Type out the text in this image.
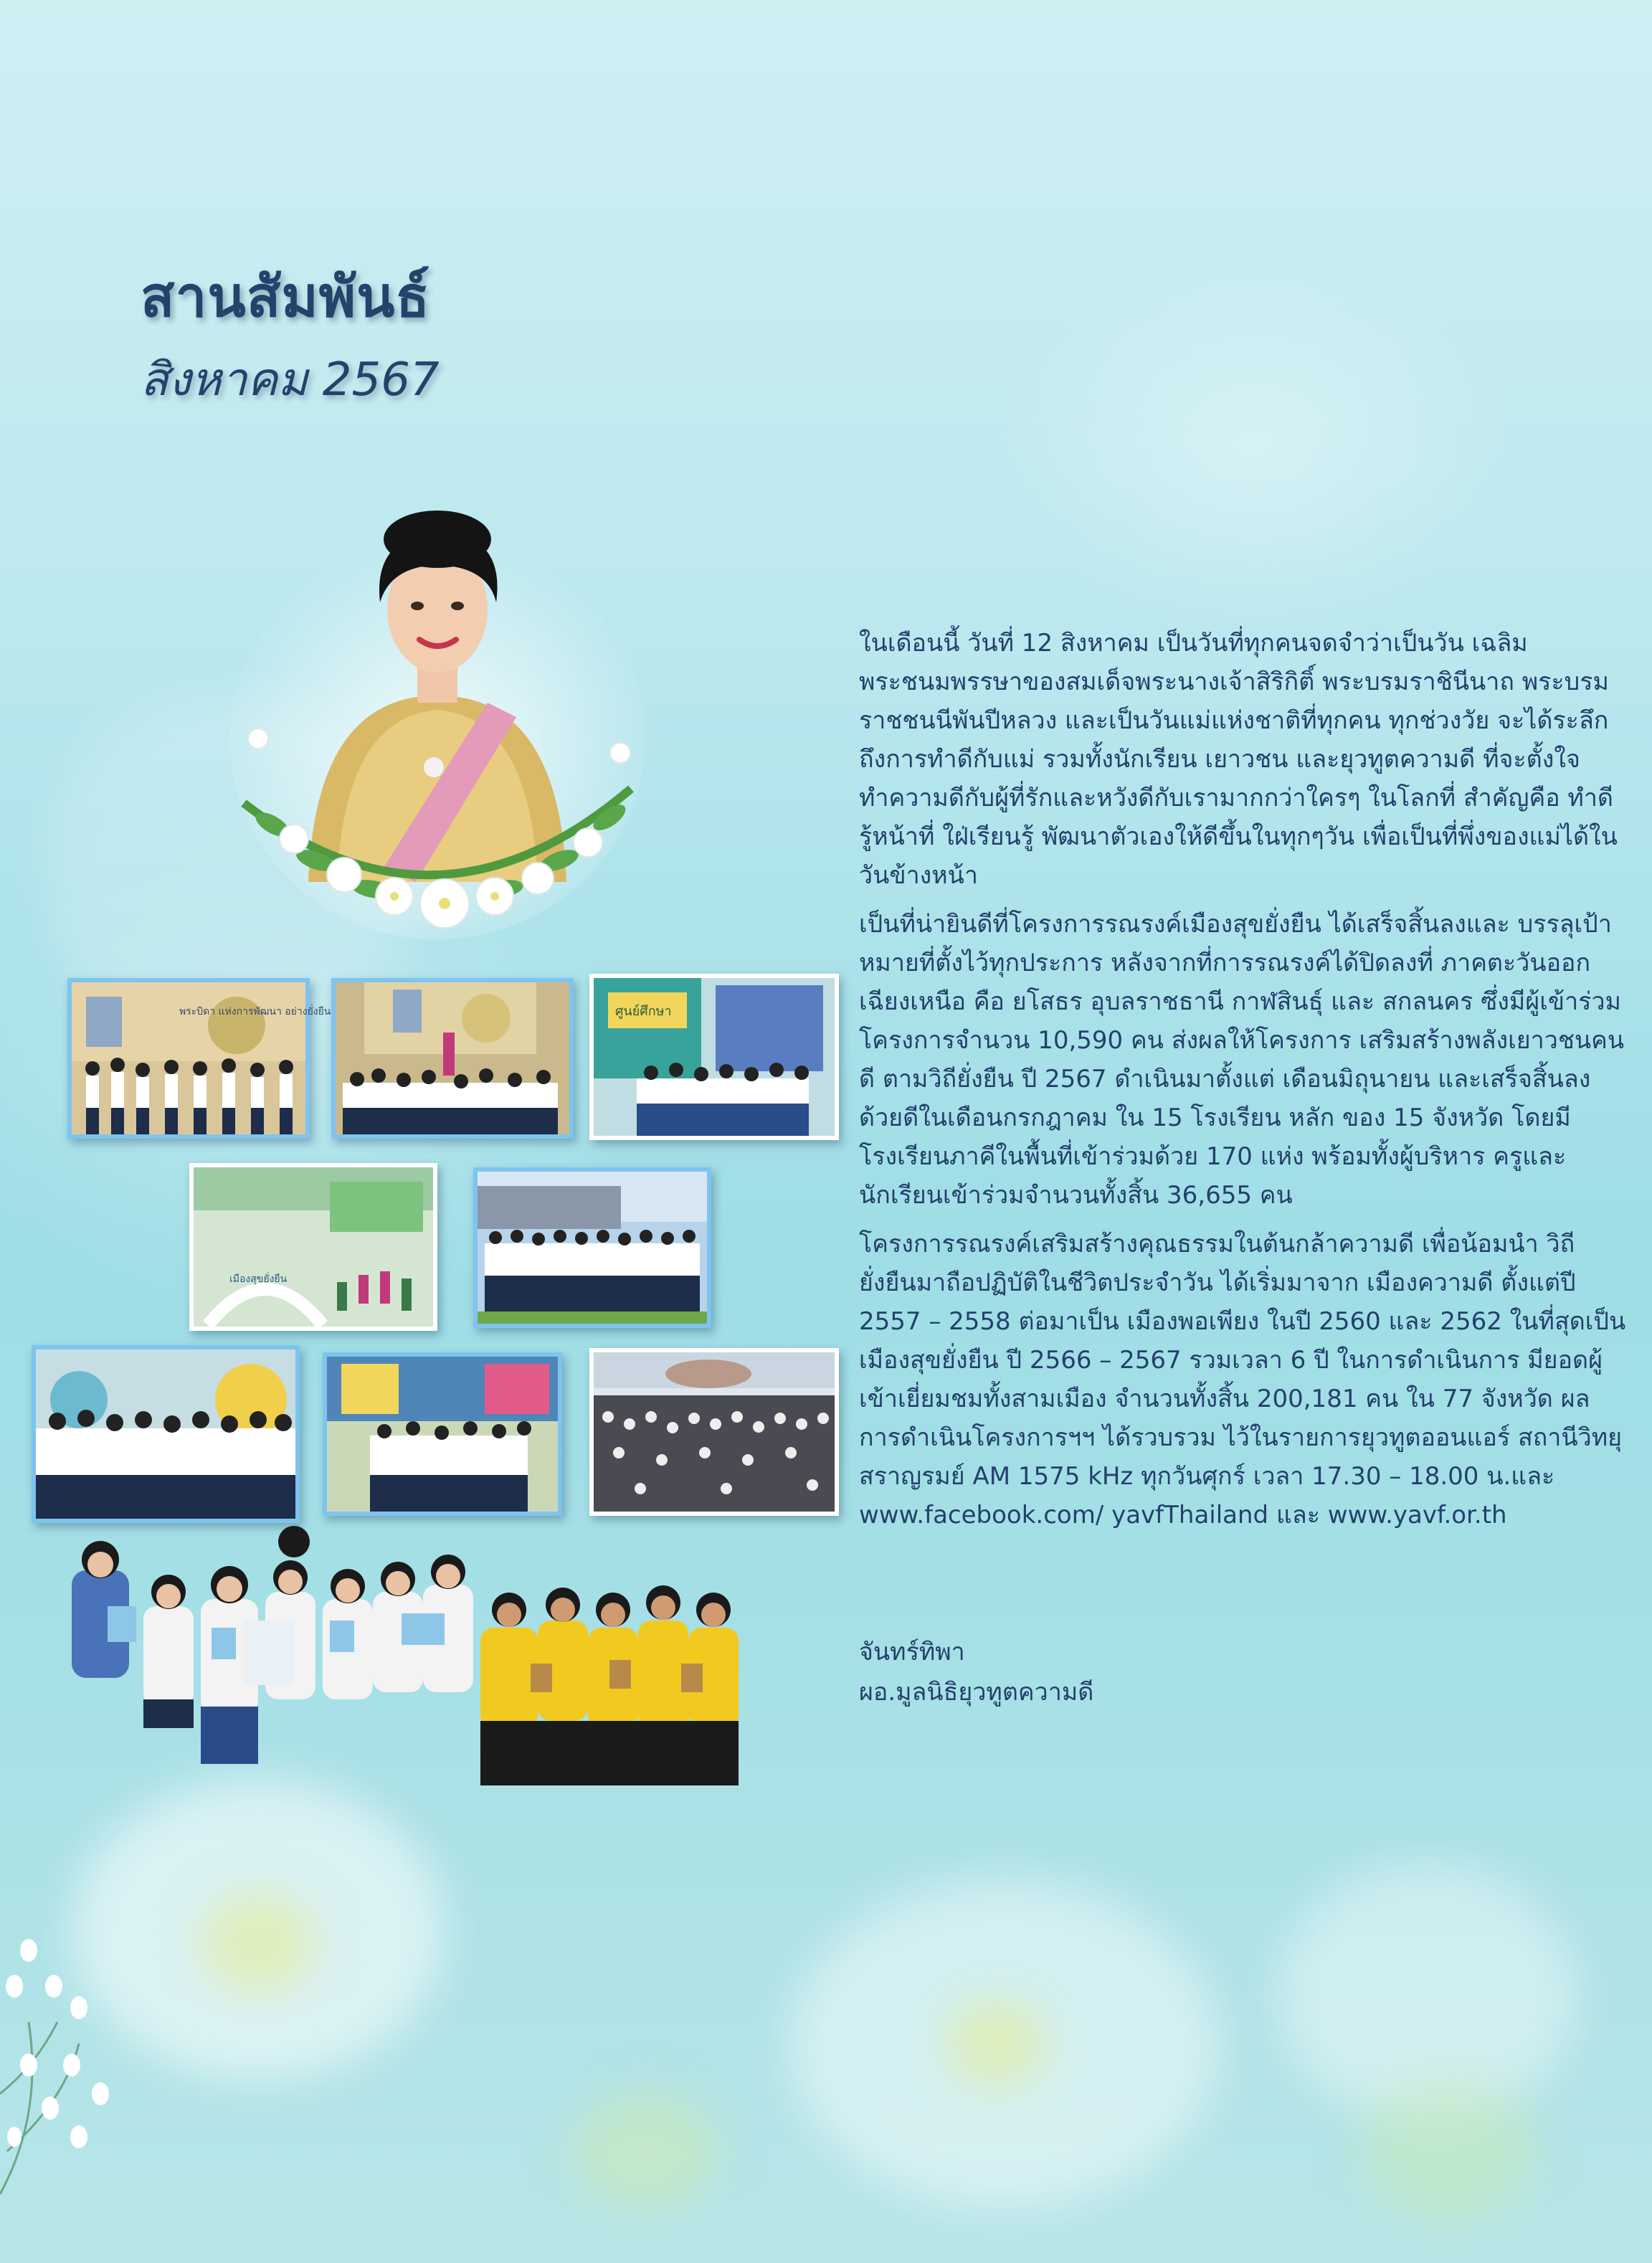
สานสัมพันธ์
สิงหาคม 2567
พระบิดา แห่งการพัฒนา อย่างยั่งยืน	ศูนย์ศึกษา
เมืองสุขยั่งยืน

ในเดือนนี้ วันที่ 12 สิงหาคม เป็นวันที่ทุกคนจดจำว่าเป็นวัน เฉลิมพระชนมพรรษาของสมเด็จพระนางเจ้าสิริกิติ์ พระบรมราชินีนาถ พระบรมราชชนนีพันปีหลวง และเป็นวันแม่แห่งชาติที่ทุกคน ทุกช่วงวัย จะได้ระลึกถึงการทำดีกับแม่ รวมทั้งนักเรียน เยาวชน และยุวทูตความดี ที่จะตั้งใจทำความดีกับผู้ที่รักและหวังดีกับเรามากกว่าใครๆ ในโลกที่ สำคัญคือ ทำดี รู้หน้าที่ ใฝ่เรียนรู้ พัฒนาตัวเองให้ดีขึ้นในทุกๆวัน เพื่อเป็นที่พึ่งของแม่ได้ในวันข้างหน้า

เป็นที่น่ายินดีที่โครงการรณรงค์เมืองสุขยั่งยืน ได้เสร็จสิ้นลงและ บรรลุเป้าหมายที่ตั้งไว้ทุกประการ หลังจากที่การรณรงค์ได้ปิดลงที่ ภาคตะวันออกเฉียงเหนือ คือ ยโสธร อุบลราชธานี กาฬสินธุ์ และ สกลนคร ซึ่งมีผู้เข้าร่วมโครงการจำนวน 10,590 คน ส่งผลให้โครงการ เสริมสร้างพลังเยาวชนคนดี ตามวิถียั่งยืน ปี 2567 ดำเนินมาตั้งแต่ เดือนมิถุนายน และเสร็จสิ้นลงด้วยดีในเดือนกรกฎาคม ใน 15 โรงเรียน หลัก ของ 15 จังหวัด โดยมีโรงเรียนภาคีในพื้นที่เข้าร่วมด้วย 170 แห่ง พร้อมทั้งผู้บริหาร ครูและนักเรียนเข้าร่วมจำนวนทั้งสิ้น 36,655 คน

โครงการรณรงค์เสริมสร้างคุณธรรมในต้นกล้าความดี เพื่อน้อมนำ วิถียั่งยืนมาถือปฏิบัติในชีวิตประจำวัน ได้เริ่มมาจาก เมืองความดี ตั้งแต่ปี 2557 – 2558 ต่อมาเป็น เมืองพอเพียง ในปี 2560 และ 2562 ในที่สุดเป็น เมืองสุขยั่งยืน ปี 2566 – 2567 รวมเวลา 6 ปี ในการดำเนินการ มียอดผู้เข้าเยี่ยมชมทั้งสามเมือง จำนวนทั้งสิ้น 200,181 คน ใน 77 จังหวัด ผลการดำเนินโครงการฯฯ ได้รวบรวม ไว้ในรายการยุวทูตออนแอร์ สถานีวิทยุ สราญรมย์ AM 1575 kHz ทุกวันศุกร์ เวลา 17.30 – 18.00 น.และ www.facebook.com/ yavfThailand และ www.yavf.or.th

จันทร์ทิพา
ผอ.มูลนิธิยุวทูตความดี
